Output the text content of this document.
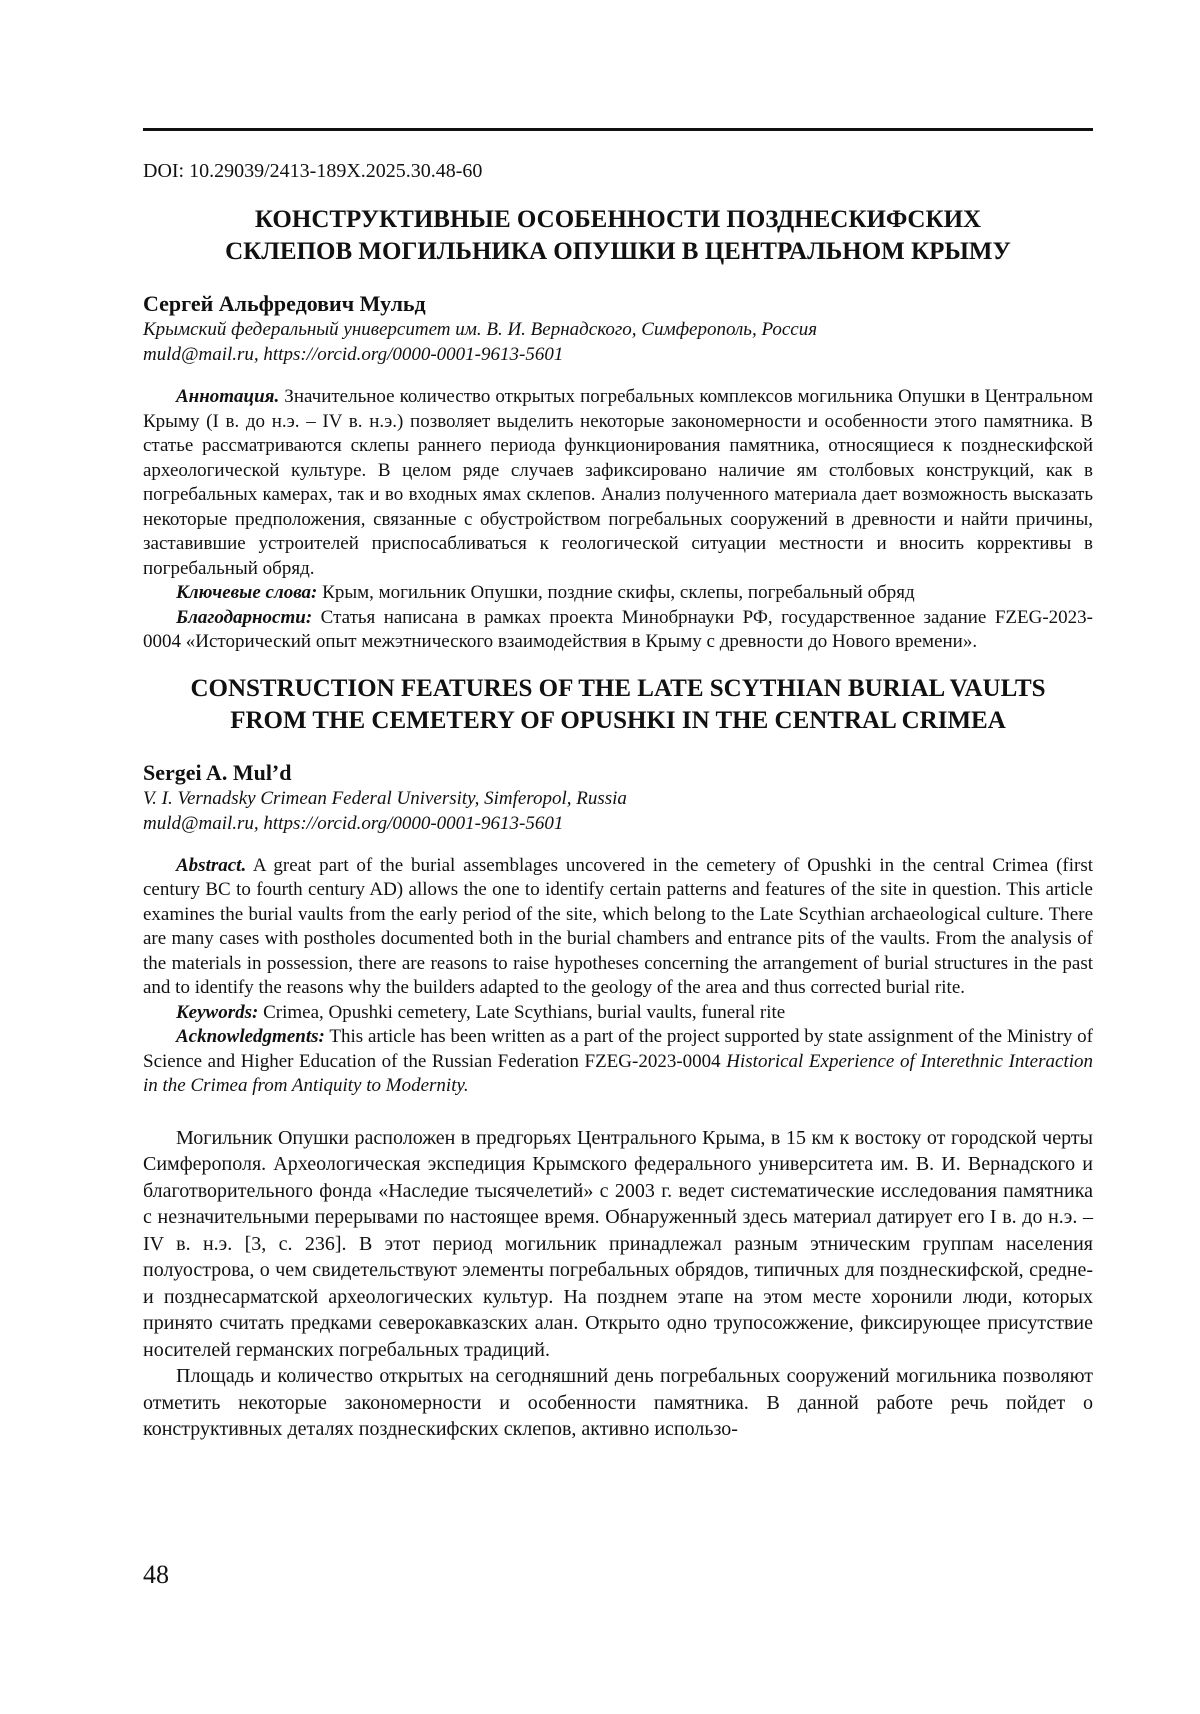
DOI: 10.29039/2413-189X.2025.30.48-60

КОНСТРУКТИВНЫЕ ОСОБЕННОСТИ ПОЗДНЕСКИФСКИХ

СКЛЕПОВ МОГИЛЬНИКА ОПУШКИ В ЦЕНТРАЛЬНОМ КРЫМУ

Сергей Альфредович Мульд

Крымский федеральный университет им. В. И. Вернадского, Симферополь, Россия

muld@mail.ru, https://orcid.org/0000-0001-9613-5601

Аннотация. Значительное количество открытых погребальных комплексов могильника Опушки в Центральном Крыму (I в. до н.э. – IV в. н.э.) позволяет выделить некоторые закономерности и особенности этого памятника. В статье рассматриваются склепы раннего периода функционирования памятника, относящиеся к позднескифской археологической культуре. В целом ряде случаев зафиксировано наличие ям столбовых конструкций, как в погребальных камерах, так и во входных ямах склепов. Анализ полученного материала дает возможность высказать некоторые предположения, связанные с обустройством погребальных сооружений в древности и найти причины, заставившие устроителей приспосабливаться к геологической ситуации местности и вносить коррективы в погребальный обряд.

Ключевые слова: Крым, могильник Опушки, поздние скифы, склепы, погребальный обряд

Благодарности: Статья написана в рамках проекта Минобрнауки РФ, государственное задание FZEG-2023-0004 «Исторический опыт межэтнического взаимодействия в Крыму с древности до Нового времени».

CONSTRUCTION FEATURES OF THE LATE SCYTHIAN BURIAL VAULTS

FROM THE CEMETERY OF OPUSHKI IN THE CENTRAL CRIMEA

Sergei A. Mul’d

V. I. Vernadsky Crimean Federal University, Simferopol, Russia

muld@mail.ru, https://orcid.org/0000-0001-9613-5601

Abstract. A great part of the burial assemblages uncovered in the cemetery of Opushki in the central Crimea (first century BC to fourth century AD) allows the one to identify certain patterns and features of the site in question. This article examines the burial vaults from the early period of the site, which belong to the Late Scythian archaeological culture. There are many cases with postholes documented both in the burial chambers and entrance pits of the vaults. From the analysis of the materials in possession, there are reasons to raise hypotheses concerning the arrangement of burial structures in the past and to identify the reasons why the builders adapted to the geology of the area and thus corrected burial rite.

Keywords: Crimea, Opushki cemetery, Late Scythians, burial vaults, funeral rite

Acknowledgments: This article has been written as a part of the project supported by state assignment of the Ministry of Science and Higher Education of the Russian Federation FZEG-2023-0004 Historical Experience of Interethnic Interaction in the Crimea from Antiquity to Modernity.

Могильник Опушки расположен в предгорьях Центрального Крыма, в 15 км к востоку от городской черты Симферополя. Археологическая экспедиция Крымского федерального университета им. В. И. Вернадского и благотворительного фонда «Наследие тысячелетий» с 2003 г. ведет систематические исследования памятника с незначительными перерывами по настоящее время. Обнаруженный здесь материал датирует его I в. до н.э. – IV в. н.э. [3, с. 236]. В этот период могильник принадлежал разным этническим группам населения полуострова, о чем свидетельствуют элементы погребальных обрядов, типичных для позднескифской, средне- и позднесарматской археологических культур. На позднем этапе на этом месте хоронили люди, которых принято считать предками северокавказских алан. Открыто одно трупосожжение, фиксирующее присутствие носителей германских погребальных традиций.

Площадь и количество открытых на сегодняшний день погребальных сооружений могильника позволяют отметить некоторые закономерности и особенности памятника. В данной работе речь пойдет о конструктивных деталях позднескифских склепов, активно использо-

48
